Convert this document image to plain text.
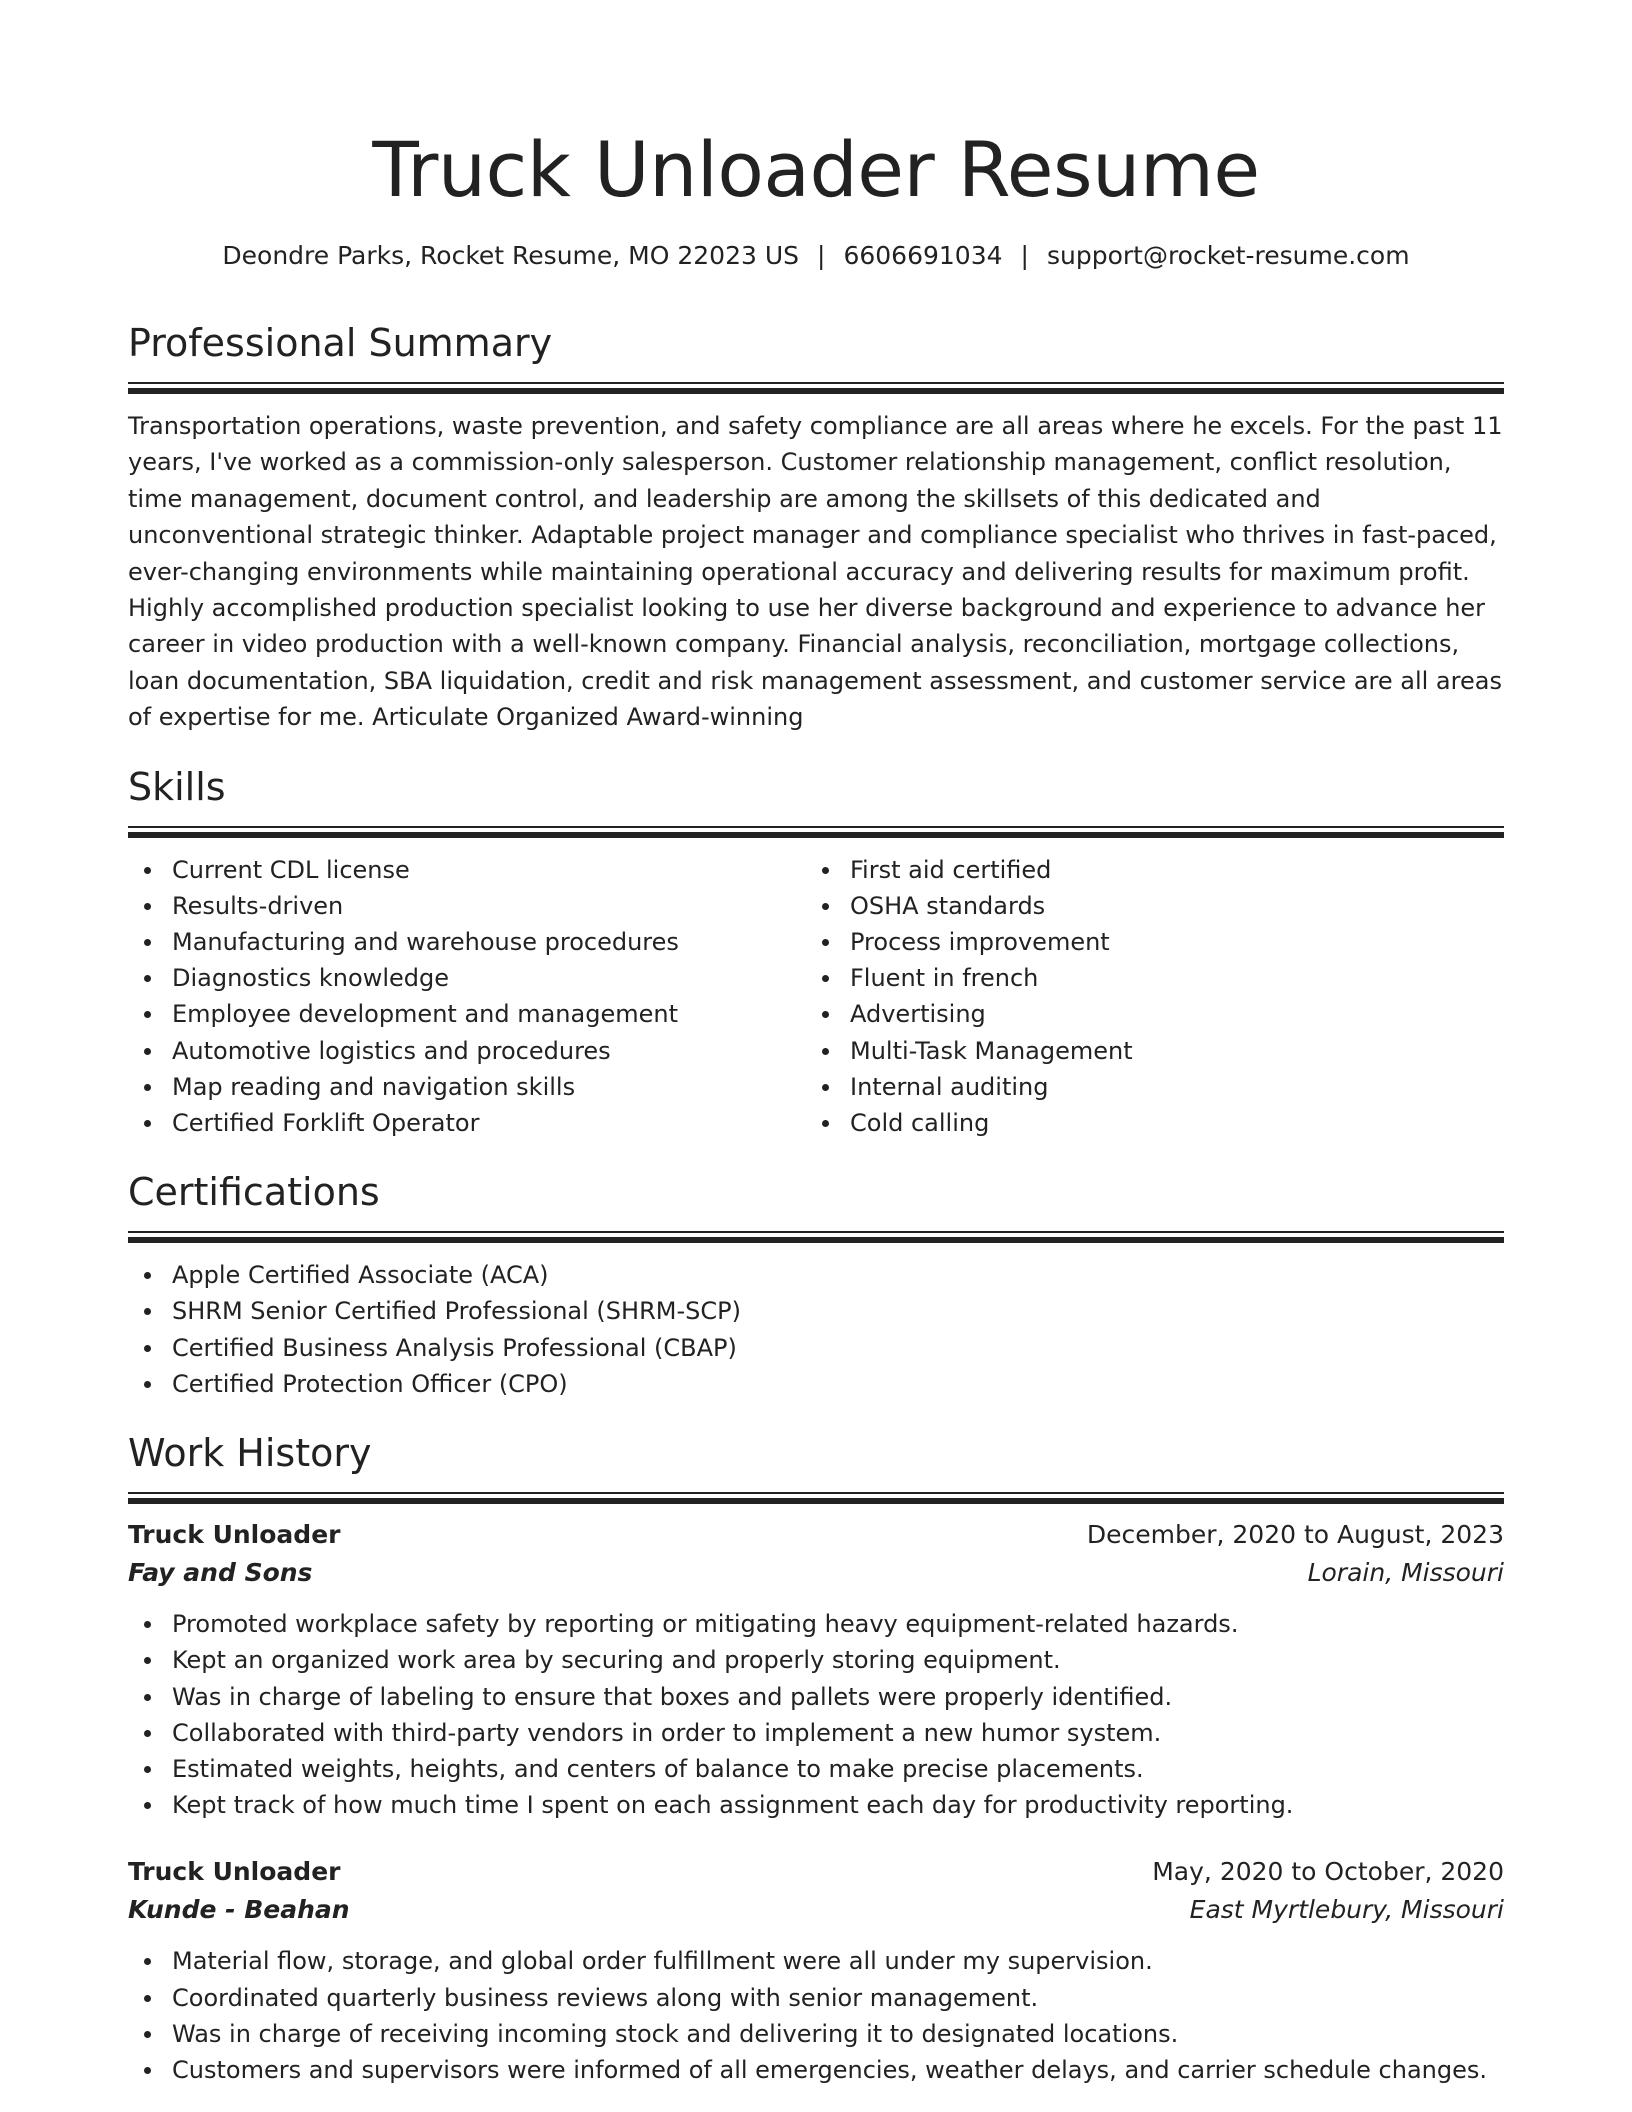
Truck Unloader Resume
Deondre Parks, Rocket Resume, MO 22023 US | 6606691034 | support@rocket-resume.com
Professional Summary

Transportation operations, waste prevention, and safety compliance are all areas where he excels. For the past 11 years, I've worked as a commission-only salesperson. Customer relationship management, conflict resolution, time management, document control, and leadership are among the skillsets of this dedicated and unconventional strategic thinker. Adaptable project manager and compliance specialist who thrives in fast-paced, ever-changing environments while maintaining operational accuracy and delivering results for maximum profit. Highly accomplished production specialist looking to use her diverse background and experience to advance her career in video production with a well-known company. Financial analysis, reconciliation, mortgage collections, loan documentation, SBA liquidation, credit and risk management assessment, and customer service are all areas of expertise for me. Articulate Organized Award-winning

Skills
Current CDL license
Results-driven
Manufacturing and warehouse procedures
Diagnostics knowledge
Employee development and management
Automotive logistics and procedures
Map reading and navigation skills
Certified Forklift Operator
First aid certified
OSHA standards
Process improvement
Fluent in french
Advertising
Multi-Task Management
Internal auditing
Cold calling
Certifications
Apple Certified Associate (ACA)
SHRM Senior Certified Professional (SHRM-SCP)
Certified Business Analysis Professional (CBAP)
Certified Protection Officer (CPO)
Work History
Truck Unloader	December, 2020 to August, 2023
Fay and Sons	Lorain, Missouri
Promoted workplace safety by reporting or mitigating heavy equipment-related hazards.
Kept an organized work area by securing and properly storing equipment.
Was in charge of labeling to ensure that boxes and pallets were properly identified.
Collaborated with third-party vendors in order to implement a new humor system.
Estimated weights, heights, and centers of balance to make precise placements.
Kept track of how much time I spent on each assignment each day for productivity reporting.
Truck Unloader	May, 2020 to October, 2020
Kunde - Beahan	East Myrtlebury, Missouri
Material flow, storage, and global order fulfillment were all under my supervision.
Coordinated quarterly business reviews along with senior management.
Was in charge of receiving incoming stock and delivering it to designated locations.
Customers and supervisors were informed of all emergencies, weather delays, and carrier schedule changes.
